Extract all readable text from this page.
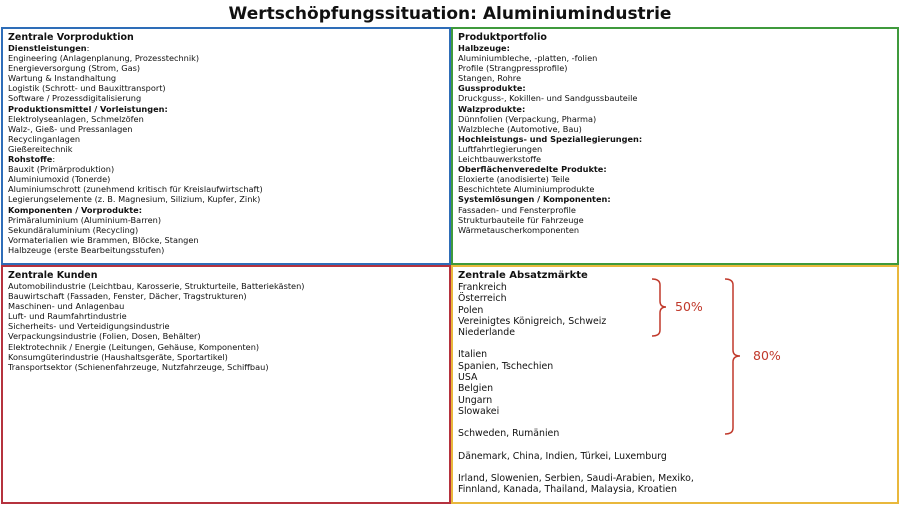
Wertschöpfungssituation: Aluminiumindustrie
Zentrale Vorproduktion
Dienstleistungen:
Engineering (Anlagenplanung, Prozesstechnik)
Energieversorgung (Strom, Gas)
Wartung & Instandhaltung
Logistik (Schrott- und Bauxittransport)
Software / Prozessdigitalisierung
Produktionsmittel / Vorleistungen:
Elektrolyseanlagen, Schmelzöfen
Walz-, Gieß- und Pressanlagen
Recyclinganlagen
Gießereitechnik
Rohstoffe:
Bauxit (Primärproduktion)
Aluminiumoxid (Tonerde)
Aluminiumschrott (zunehmend kritisch für Kreislaufwirtschaft)
Legierungselemente (z. B. Magnesium, Silizium, Kupfer, Zink)
Komponenten / Vorprodukte:
Primäraluminium (Aluminium-Barren)
Sekundäraluminium (Recycling)
Vormaterialien wie Brammen, Blöcke, Stangen
Halbzeuge (erste Bearbeitungsstufen)
Produktportfolio
Halbzeuge:
Aluminiumbleche, -platten, -folien
Profile (Strangpressprofile)
Stangen, Rohre
Gussprodukte:
Druckguss-, Kokillen- und Sandgussbauteile
Walzprodukte:
Dünnfolien (Verpackung, Pharma)
Walzbleche (Automotive, Bau)
Hochleistungs- und Speziallegierungen:
Luftfahrtlegierungen
Leichtbauwerkstoffe
Oberflächenveredelte Produkte:
Eloxierte (anodisierte) Teile
Beschichtete Aluminiumprodukte
Systemlösungen / Komponenten:
Fassaden- und Fensterprofile
Strukturbauteile für Fahrzeuge
Wärmetauscherkomponenten
Zentrale Kunden
Automobilindustrie (Leichtbau, Karosserie, Strukturteile, Batteriekästen)
Bauwirtschaft (Fassaden, Fenster, Dächer, Tragstrukturen)
Maschinen- und Anlagenbau
Luft- und Raumfahrtindustrie
Sicherheits- und Verteidigungsindustrie
Verpackungsindustrie (Folien, Dosen, Behälter)
Elektrotechnik / Energie (Leitungen, Gehäuse, Komponenten)
Konsumgüterindustrie (Haushaltsgeräte, Sportartikel)
Transportsektor (Schienenfahrzeuge, Nutzfahrzeuge, Schiffbau)
Zentrale Absatzmärkte
Frankreich
Österreich
Polen
Vereinigtes Königreich, Schweiz
Niederlande
Italien
Spanien, Tschechien
USA
Belgien
Ungarn
Slowakei
Schweden, Rumänien
Dänemark, China, Indien, Türkei, Luxemburg
Irland, Slowenien, Serbien, Saudi-Arabien, Mexiko,
Finnland, Kanada, Thailand, Malaysia, Kroatien
50%
80%
